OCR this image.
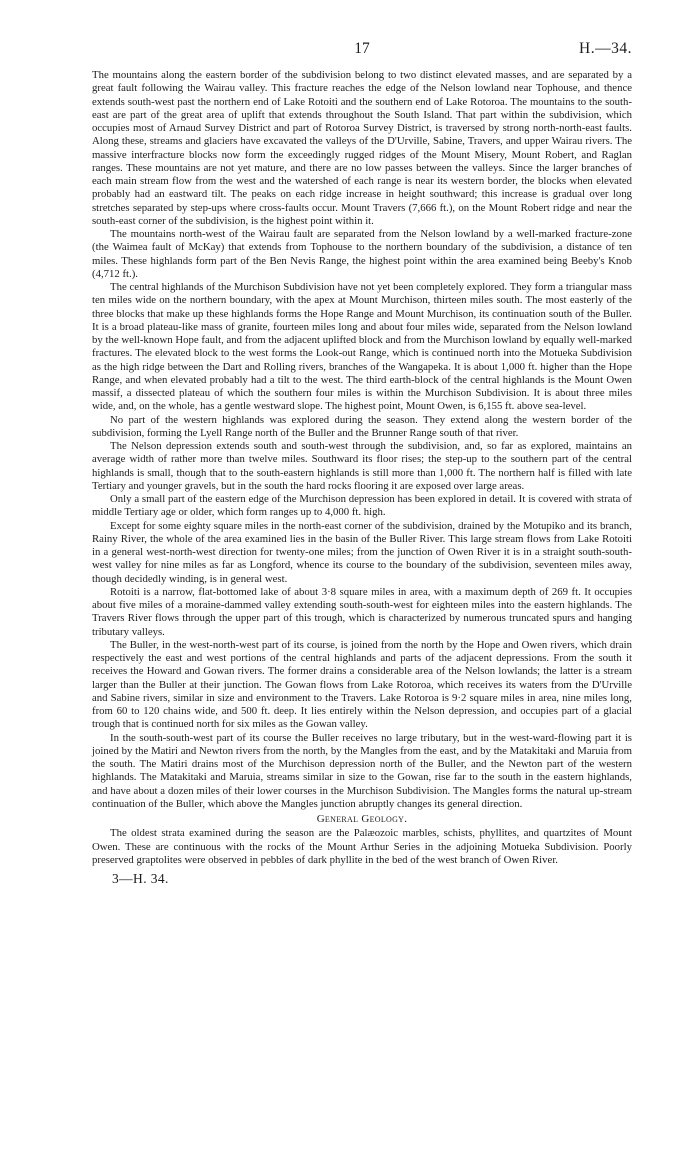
17	H.—34.

The mountains along the eastern border of the subdivision belong to two distinct elevated masses, and are separated by a great fault following the Wairau valley. This fracture reaches the edge of the Nelson lowland near Tophouse, and thence extends south-west past the northern end of Lake Rotoiti and the southern end of Lake Rotoroa. The mountains to the south-east are part of the great area of uplift that extends throughout the South Island. That part within the subdivision, which occupies most of Arnaud Survey District and part of Rotoroa Survey District, is traversed by strong north-north-east faults. Along these, streams and glaciers have excavated the valleys of the D'Urville, Sabine, Travers, and upper Wairau rivers. The massive interfracture blocks now form the exceedingly rugged ridges of the Mount Misery, Mount Robert, and Raglan ranges. These mountains are not yet mature, and there are no low passes between the valleys. Since the larger branches of each main stream flow from the west and the watershed of each range is near its western border, the blocks when elevated probably had an eastward tilt. The peaks on each ridge increase in height southward; this increase is gradual over long stretches separated by step-ups where cross-faults occur. Mount Travers (7,666 ft.), on the Mount Robert ridge and near the south-east corner of the subdivision, is the highest point within it.

The mountains north-west of the Wairau fault are separated from the Nelson lowland by a well-marked fracture-zone (the Waimea fault of McKay) that extends from Tophouse to the northern boundary of the subdivision, a distance of ten miles. These highlands form part of the Ben Nevis Range, the highest point within the area examined being Beeby's Knob (4,712 ft.).

The central highlands of the Murchison Subdivision have not yet been completely explored. They form a triangular mass ten miles wide on the northern boundary, with the apex at Mount Murchison, thirteen miles south. The most easterly of the three blocks that make up these highlands forms the Hope Range and Mount Murchison, its continuation south of the Buller. It is a broad plateau-like mass of granite, fourteen miles long and about four miles wide, separated from the Nelson lowland by the well-known Hope fault, and from the adjacent uplifted block and from the Murchison lowland by equally well-marked fractures. The elevated block to the west forms the Look-out Range, which is continued north into the Motueka Subdivision as the high ridge between the Dart and Rolling rivers, branches of the Wangapeka. It is about 1,000 ft. higher than the Hope Range, and when elevated probably had a tilt to the west. The third earth-block of the central highlands is the Mount Owen massif, a dissected plateau of which the southern four miles is within the Murchison Subdivision. It is about three miles wide, and, on the whole, has a gentle westward slope. The highest point, Mount Owen, is 6,155 ft. above sea-level.

No part of the western highlands was explored during the season. They extend along the western border of the subdivision, forming the Lyell Range north of the Buller and the Brunner Range south of that river.

The Nelson depression extends south and south-west through the subdivision, and, so far as explored, maintains an average width of rather more than twelve miles. Southward its floor rises; the step-up to the southern part of the central highlands is small, though that to the south-eastern highlands is still more than 1,000 ft. The northern half is filled with late Tertiary and younger gravels, but in the south the hard rocks flooring it are exposed over large areas.

Only a small part of the eastern edge of the Murchison depression has been explored in detail. It is covered with strata of middle Tertiary age or older, which form ranges up to 4,000 ft. high.

Except for some eighty square miles in the north-east corner of the subdivision, drained by the Motupiko and its branch, Rainy River, the whole of the area examined lies in the basin of the Buller River. This large stream flows from Lake Rotoiti in a general west-north-west direction for twenty-one miles; from the junction of Owen River it is in a straight south-south-west valley for nine miles as far as Longford, whence its course to the boundary of the subdivision, seventeen miles away, though decidedly winding, is in general west.

Rotoiti is a narrow, flat-bottomed lake of about 3·8 square miles in area, with a maximum depth of 269 ft. It occupies about five miles of a moraine-dammed valley extending south-south-west for eighteen miles into the eastern highlands. The Travers River flows through the upper part of this trough, which is characterized by numerous truncated spurs and hanging tributary valleys.

The Buller, in the west-north-west part of its course, is joined from the north by the Hope and Owen rivers, which drain respectively the east and west portions of the central highlands and parts of the adjacent depressions. From the south it receives the Howard and Gowan rivers. The former drains a considerable area of the Nelson lowlands; the latter is a stream larger than the Buller at their junction. The Gowan flows from Lake Rotoroa, which receives its waters from the D'Urville and Sabine rivers, similar in size and environment to the Travers. Lake Rotoroa is 9·2 square miles in area, nine miles long, from 60 to 120 chains wide, and 500 ft. deep. It lies entirely within the Nelson depression, and occupies part of a glacial trough that is continued north for six miles as the Gowan valley.

In the south-south-west part of its course the Buller receives no large tributary, but in the west-ward-flowing part it is joined by the Matiri and Newton rivers from the north, by the Mangles from the east, and by the Matakitaki and Maruia from the south. The Matiri drains most of the Murchison depression north of the Buller, and the Newton part of the western highlands. The Matakitaki and Maruia, streams similar in size to the Gowan, rise far to the south in the eastern highlands, and have about a dozen miles of their lower courses in the Murchison Subdivision. The Mangles forms the natural up-stream continuation of the Buller, which above the Mangles junction abruptly changes its general direction.

General Geology.

The oldest strata examined during the season are the Palæozoic marbles, schists, phyllites, and quartzites of Mount Owen. These are continuous with the rocks of the Mount Arthur Series in the adjoining Motueka Subdivision. Poorly preserved graptolites were observed in pebbles of dark phyllite in the bed of the west branch of Owen River.

3—H. 34.
